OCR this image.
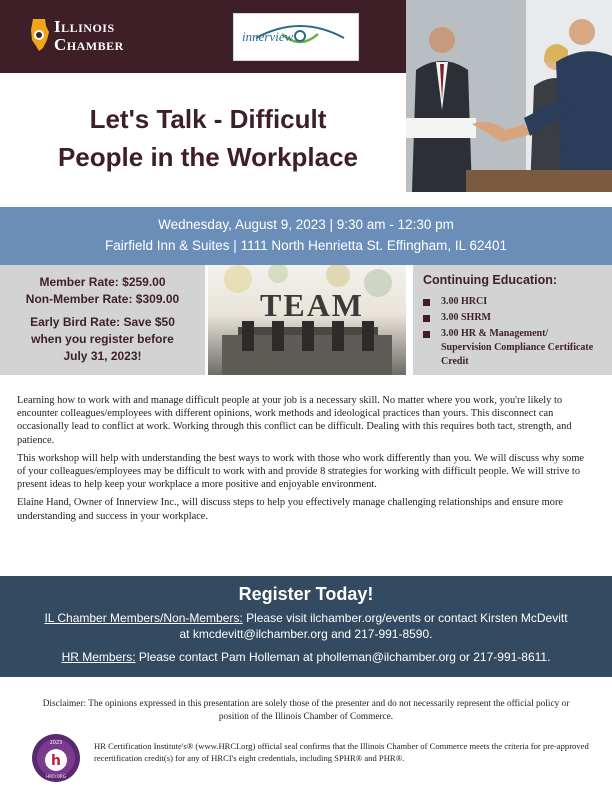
Illinois
Chamber	innerview
Let's Talk - Difficult
People in the Workplace
Wednesday, August 9, 2023 | 9:30 am - 12:30 pm
Fairfield Inn & Suites | 1111 North Henrietta St. Effingham, IL 62401
Member Rate: $259.00
Non-Member Rate: $309.00
Early Bird Rate: Save $50
when you register before
July 31, 2023!
TEAM
Continuing Education:
3.00 HRCI
3.00 SHRM
3.00 HR & Management/
Supervision Compliance Certificate Credit

Learning how to work with and manage difficult people at your job is a necessary skill. No matter where you work, you're likely to encounter colleagues/employees with different opinions, work methods and ideological practices than yours. This disconnect can occasionally lead to conflict at work. Working through this conflict can be difficult. Dealing with this requires both tact, strength, and patience.

This workshop will help with understanding the best ways to work with those who work differently than you. We will discuss why some of your colleagues/employees may be difficult to work with and provide 8 strategies for working with difficult people. We will strive to present ideas to help keep your workplace a more positive and enjoyable environment.

Elaine Hand, Owner of Innerview Inc., will discuss steps to help you effectively manage challenging relationships and ensure more understanding and success in your workplace.

Register Today!

IL Chamber Members/Non-Members: Please visit ilchamber.org/events or contact Kirsten McDevitt at kmcdevitt@ilchamber.org and 217-991-8590.

HR Members: Please contact Pam Holleman at pholleman@ilchamber.org or 217-991-8611.

Disclaimer: The opinions expressed in this presentation are solely those of the presenter and do not necessarily represent the official policy or position of the Illinois Chamber of Commerce.
h
2023
HRCI.ORG
HR Certification Institute's® (www.HRCI.org) official seal confirms that the Illinois Chamber of Commerce meets the criteria for pre-approved recertification credit(s) for any of HRCI's eight credentials, including SPHR® and PHR®.
